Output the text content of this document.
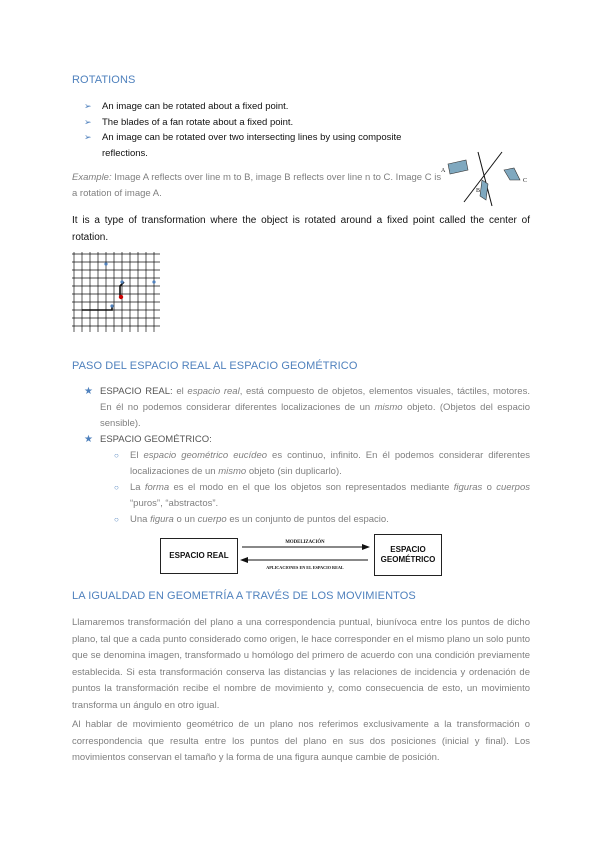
ROTATIONS
➢ An image can be rotated about a fixed point.
➢ The blades of a fan rotate about a fixed point.
➢ An image can be rotated over two intersecting lines by using composite reflections.
Example: Image A reflects over line m to B, image B reflects over line n to C. Image C is a rotation of image A.
A
B
C
It is a type of transformation where the object is rotated around a fixed point called the center of rotation.
PASO DEL ESPACIO REAL AL ESPACIO GEOMÉTRICO
★ ESPACIO REAL: el espacio real, está compuesto de objetos, elementos visuales, táctiles, motores. En él no podemos considerar diferentes localizaciones de un mismo objeto. (Objetos del espacio sensible).
★ ESPACIO GEOMÉTRICO:
○ El espacio geométrico eucídeo es continuo, infinito. En él podemos considerar diferentes localizaciones de un mismo objeto (sin duplicarlo).
○ La forma es el modo en el que los objetos son representados mediante figuras o cuerpos “puros”, “abstractos”.
○ Una figura o un cuerpo es un conjunto de puntos del espacio.
ESPACIO REAL
ESPACIO
GEOMÉTRICO
MODELIZACIÓN
APLICACIONES EN EL ESPACIO REAL
LA IGUALDAD EN GEOMETRÍA A TRAVÉS DE LOS MOVIMIENTOS
Llamaremos transformación del plano a una correspondencia puntual, biunívoca entre los puntos de dicho plano, tal que a cada punto considerado como origen, le hace corresponder en el mismo plano un solo punto que se denomina imagen, transformado u homólogo del primero de acuerdo con una condición previamente establecida. Si esta transformación conserva las distancias y las relaciones de incidencia y ordenación de puntos la transformación recibe el nombre de movimiento y, como consecuencia de esto, un movimiento transforma un ángulo en otro igual.
Al hablar de movimiento geométrico de un plano nos referimos exclusivamente a la transformación o correspondencia que resulta entre los puntos del plano en sus dos posiciones (inicial y final). Los movimientos conservan el tamaño y la forma de una figura aunque cambie de posición.
